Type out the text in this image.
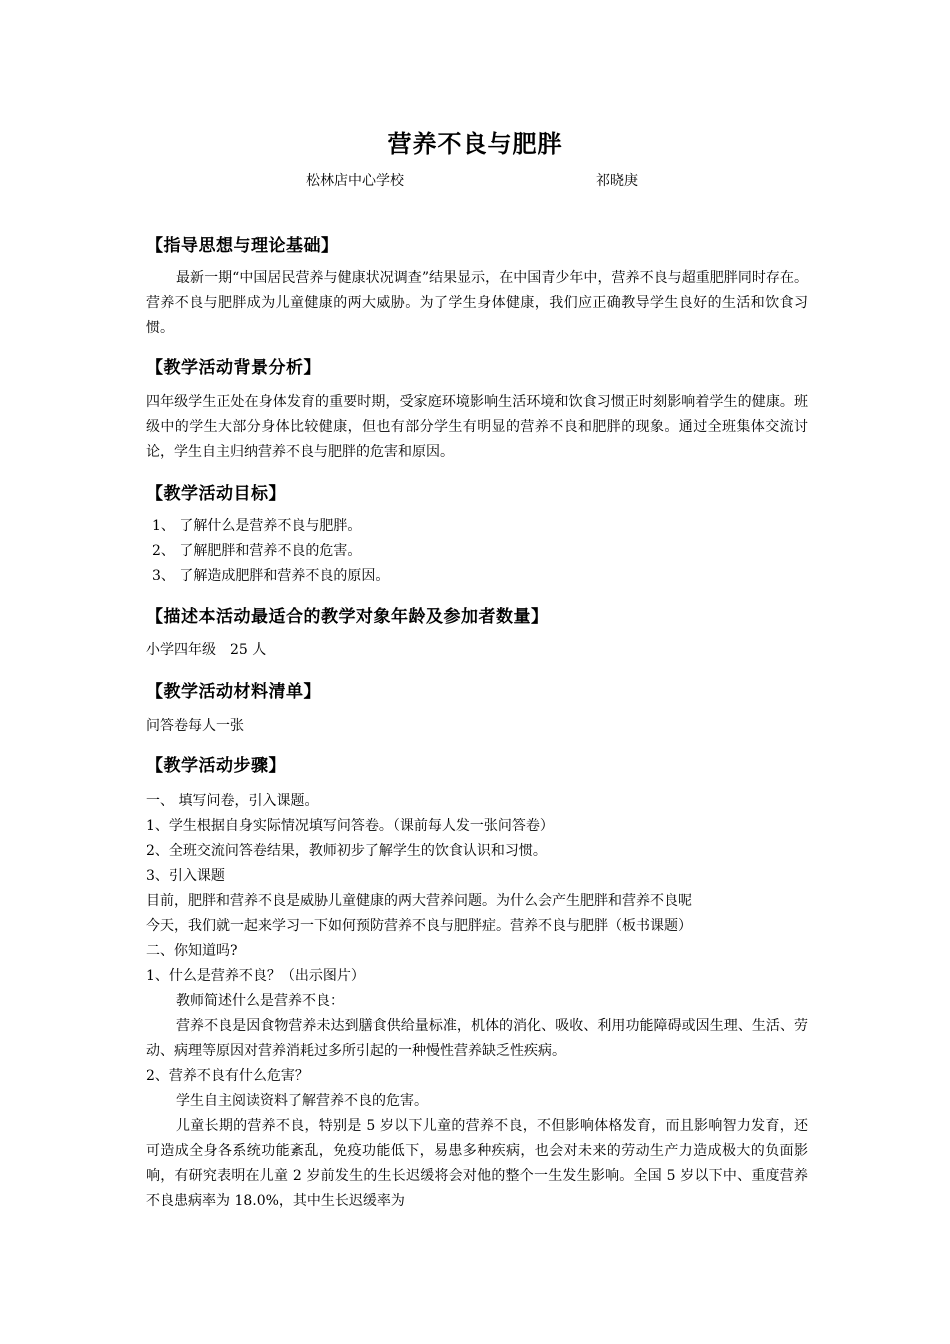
营养不良与肥胖
松林店中心学校	祁晓庚
【指导思想与理论基础】
最新一期“中国居民营养与健康状况调查”结果显示，在中国青少年中，营养不良与超重肥胖同时存在。营养不良与肥胖成为儿童健康的两大威胁。为了学生身体健康，我们应正确教导学生良好的生活和饮食习惯。
【教学活动背景分析】
四年级学生正处在身体发育的重要时期，受家庭环境影响生活环境和饮食习惯正时刻影响着学生的健康。班级中的学生大部分身体比较健康，但也有部分学生有明显的营养不良和肥胖的现象。通过全班集体交流讨论，学生自主归纳营养不良与肥胖的危害和原因。
【教学活动目标】
1、 了解什么是营养不良与肥胖。
2、 了解肥胖和营养不良的危害。
3、 了解造成肥胖和营养不良的原因。
【描述本活动最适合的教学对象年龄及参加者数量】
小学四年级　25 人
【教学活动材料清单】
问答卷每人一张
【教学活动步骤】
一、 填写问卷，引入课题。
1、学生根据自身实际情况填写问答卷。（课前每人发一张问答卷）
2、全班交流问答卷结果，教师初步了解学生的饮食认识和习惯。
3、引入课题
目前，肥胖和营养不良是威胁儿童健康的两大营养问题。为什么会产生肥胖和营养不良呢
今天，我们就一起来学习一下如何预防营养不良与肥胖症。营养不良与肥胖（板书课题）
二、你知道吗?
1、什么是营养不良？（出示图片）
教师简述什么是营养不良：
营养不良是因食物营养未达到膳食供给量标准，机体的消化、吸收、利用功能障碍或因生理、生活、劳动、病理等原因对营养消耗过多所引起的一种慢性营养缺乏性疾病。
2、营养不良有什么危害？
学生自主阅读资料了解营养不良的危害。
儿童长期的营养不良，特别是 5 岁以下儿童的营养不良，不但影响体格发育，而且影响智力发育，还可造成全身各系统功能紊乱，免疫功能低下，易患多种疾病，也会对未来的劳动生产力造成极大的负面影响，有研究表明在儿童 2 岁前发生的生长迟缓将会对他的整个一生发生影响。全国 5 岁以下中、重度营养不良患病率为 18.0%，其中生长迟缓率为
